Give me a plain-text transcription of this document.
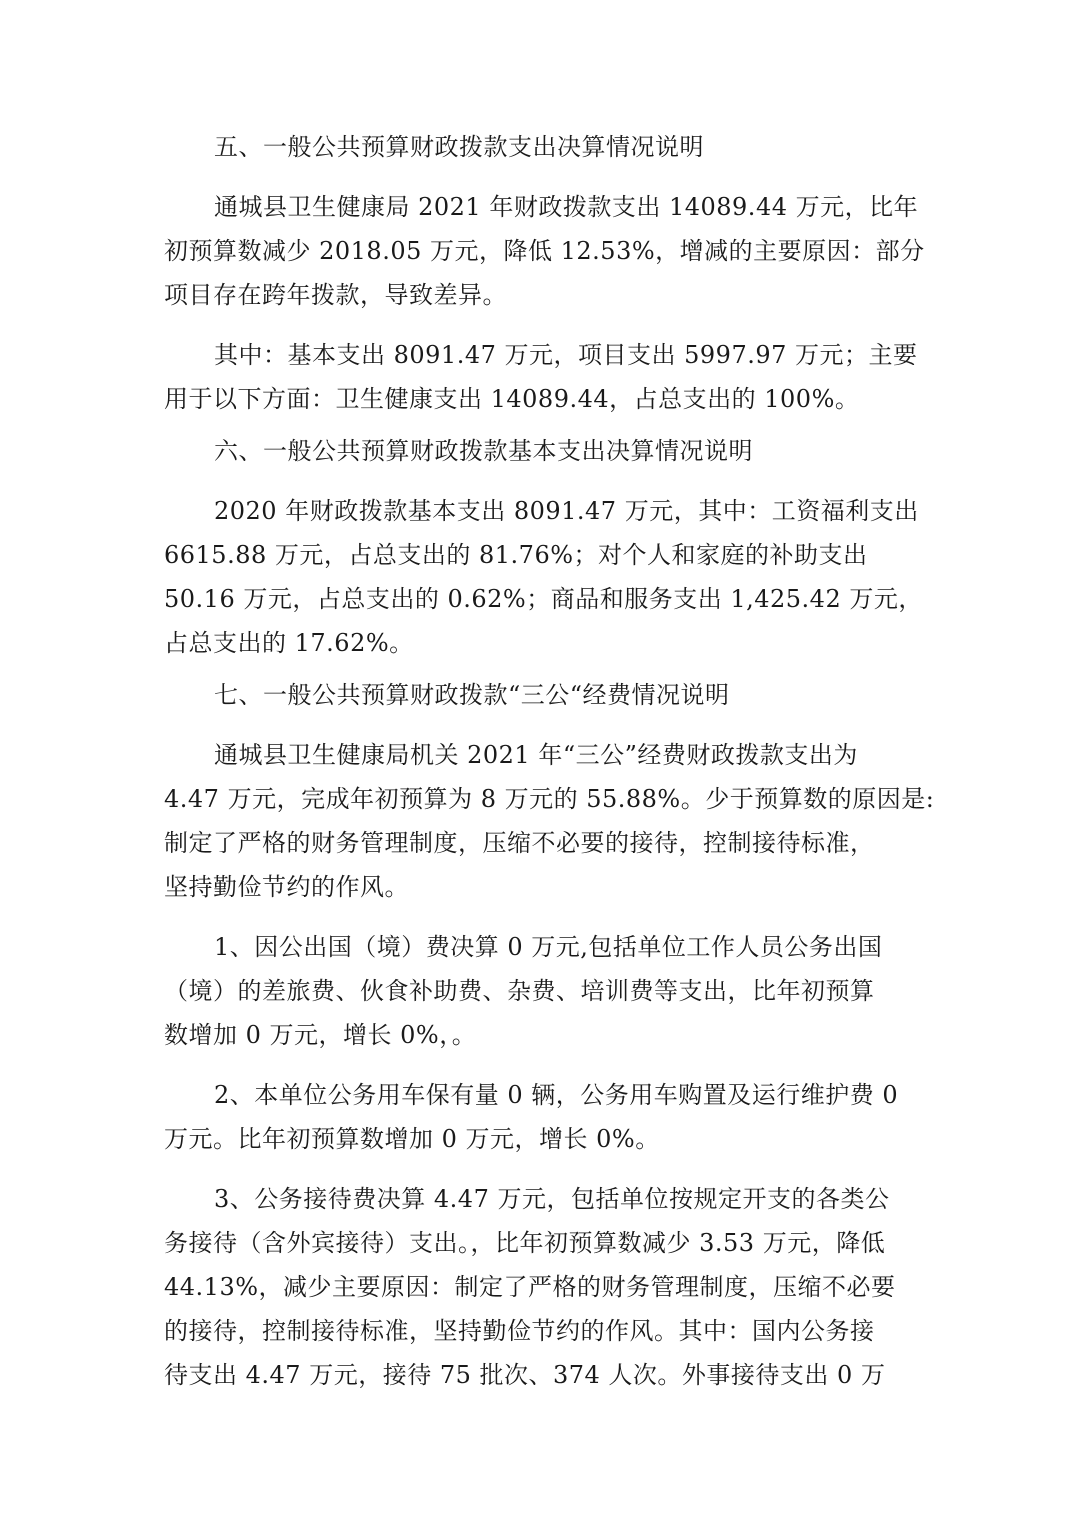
五、一般公共预算财政拨款支出决算情况说明
通城县卫生健康局 2021 年财政拨款支出 14089.44 万元，比年
初预算数减少 2018.05 万元，降低 12.53%，增减的主要原因：部分
项目存在跨年拨款，导致差异。
其中：基本支出 8091.47 万元，项目支出 5997.97 万元；主要
用于以下方面：卫生健康支出 14089.44，占总支出的 100%。
六、一般公共预算财政拨款基本支出决算情况说明
2020 年财政拨款基本支出 8091.47 万元，其中：工资福利支出
6615.88 万元，占总支出的 81.76%；对个人和家庭的补助支出
50.16 万元，占总支出的 0.62%；商品和服务支出 1,425.42 万元，
占总支出的 17.62%。
七、一般公共预算财政拨款“三公“经费情况说明
通城县卫生健康局机关 2021 年“三公”经费财政拨款支出为
4.47 万元，完成年初预算为 8 万元的 55.88%。少于预算数的原因是:
制定了严格的财务管理制度，压缩不必要的接待，控制接待标准，
坚持勤俭节约的作风。
1、因公出国（境）费决算 0 万元,包括单位工作人员公务出国
（境）的差旅费、伙食补助费、杂费、培训费等支出，比年初预算
数增加 0 万元，增长 0%，。
2、本单位公务用车保有量 0 辆，公务用车购置及运行维护费 0
万元。比年初预算数增加 0 万元，增长 0%。
3、公务接待费决算 4.47 万元，包括单位按规定开支的各类公
务接待（含外宾接待）支出。，比年初预算数减少 3.53 万元，降低
44.13%，减少主要原因：制定了严格的财务管理制度，压缩不必要
的接待，控制接待标准，坚持勤俭节约的作风。其中：国内公务接
待支出 4.47 万元，接待 75 批次、374 人次。外事接待支出 0 万
